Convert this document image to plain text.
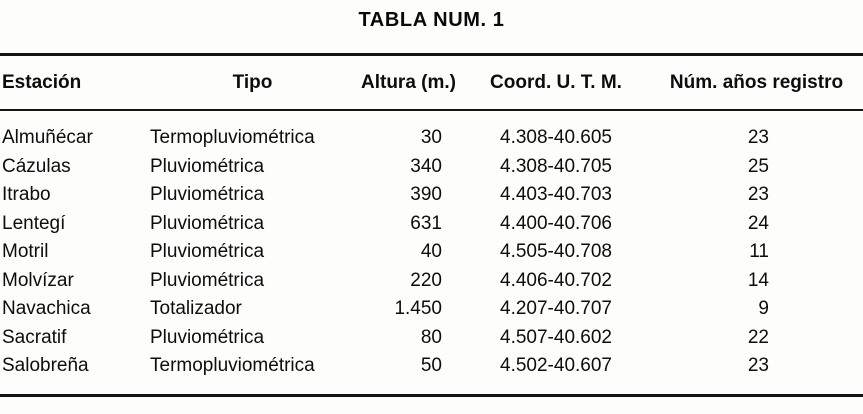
TABLA NUM. 1
Estación	Tipo	Altura (m.)	Coord. U. T. M.	Núm. años registro
Almuñécar	Termopluviométrica	30	4.308-40.605	23
Cázulas	Pluviométrica	340	4.308-40.705	25
Itrabo	Pluviométrica	390	4.403-40.703	23
Lentegí	Pluviométrica	631	4.400-40.706	24
Motril	Pluviométrica	40	4.505-40.708	11
Molvízar	Pluviométrica	220	4.406-40.702	14
Navachica	Totalizador	1.450	4.207-40.707	9
Sacratif	Pluviométrica	80	4.507-40.602	22
Salobreña	Termopluviométrica	50	4.502-40.607	23
